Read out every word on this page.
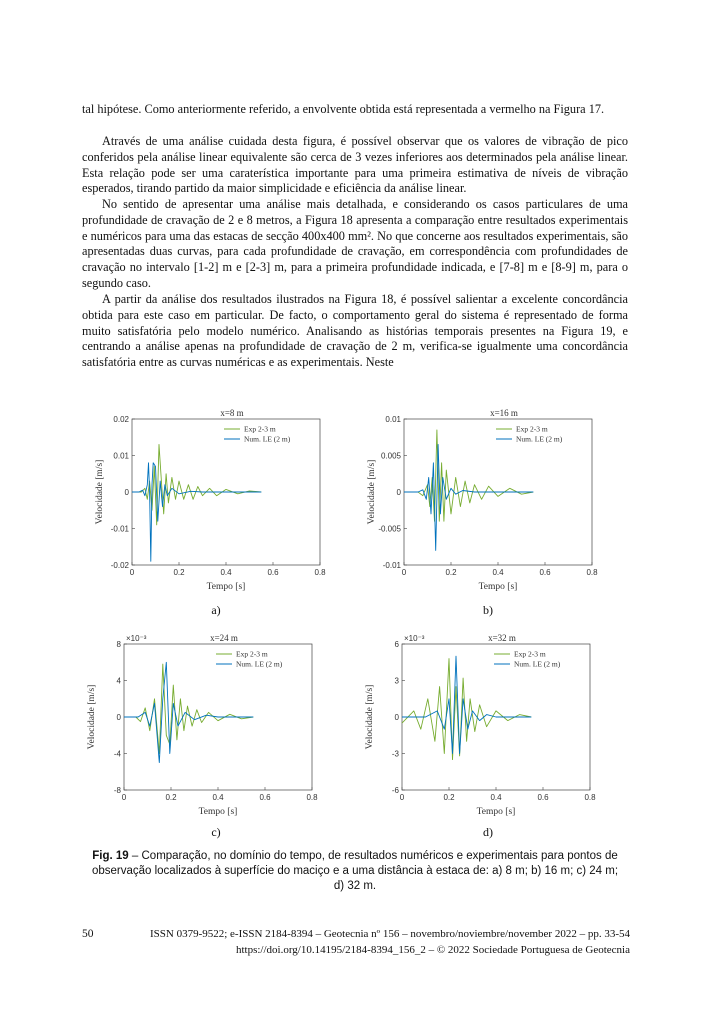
tal hipótese. Como anteriormente referido, a envolvente obtida está representada a vermelho na Figura 17.

Através de uma análise cuidada desta figura, é possível observar que os valores de vibração de pico conferidos pela análise linear equivalente são cerca de 3 vezes inferiores aos determinados pela análise linear. Esta relação pode ser uma caraterística importante para uma primeira estimativa de níveis de vibração esperados, tirando partido da maior simplicidade e eficiência da análise linear.

No sentido de apresentar uma análise mais detalhada, e considerando os casos particulares de uma profundidade de cravação de 2 e 8 metros, a Figura 18 apresenta a comparação entre resultados experimentais e numéricos para uma das estacas de secção 400x400 mm². No que concerne aos resultados experimentais, são apresentadas duas curvas, para cada profundidade de cravação, em correspondência com profundidades de cravação no intervalo [1-2] m e [2-3] m, para a primeira profundidade indicada, e [7-8] m e [8-9] m, para o segundo caso.

A partir da análise dos resultados ilustrados na Figura 18, é possível salientar a excelente concordância obtida para este caso em particular. De facto, o comportamento geral do sistema é representado de forma muito satisfatória pelo modelo numérico. Analisando as histórias temporais presentes na Figura 19, e centrando a análise apenas na profundidade de cravação de 2 m, verifica-se igualmente uma concordância satisfatória entre as curvas numéricas e as experimentais. Neste

0	0.2	0.4	0.6	0.8
-0.02
-0.01
0
0.01
0.02
x=8 m
Tempo [s]
Velocidade [m/s]
Exp 2-3 m
Num. LE (2 m)
0	0.2	0.4	0.6	0.8
-0.01
-0.005
0
0.005
0.01
x=16 m
Tempo [s]
Velocidade [m/s]
Exp 2-3 m
Num. LE (2 m)
0	0.2	0.4	0.6	0.8
-8
-4
0
4
8
×10⁻³	x=24 m
Tempo [s]
Velocidade [m/s]
Exp 2-3 m
Num. LE (2 m)
0	0.2	0.4	0.6	0.8
-6
-3
0
3
6
×10⁻³	x=32 m
Tempo [s]
Velocidade [m/s]
Exp 2-3 m
Num. LE (2 m)
a)	b)
c)	d)

Fig. 19 – Comparação, no domínio do tempo, de resultados numéricos e experimentais para pontos de observação localizados à superfície do maciço e a uma distância à estaca de: a) 8 m; b) 16 m; c) 24 m; d) 32 m.

50	ISSN 0379-9522; e-ISSN 2184-8394 – Geotecnia nº 156 – novembro/noviembre/november 2022 – pp. 33-54
https://doi.org/10.14195/2184-8394_156_2 – © 2022 Sociedade Portuguesa de Geotecnia
